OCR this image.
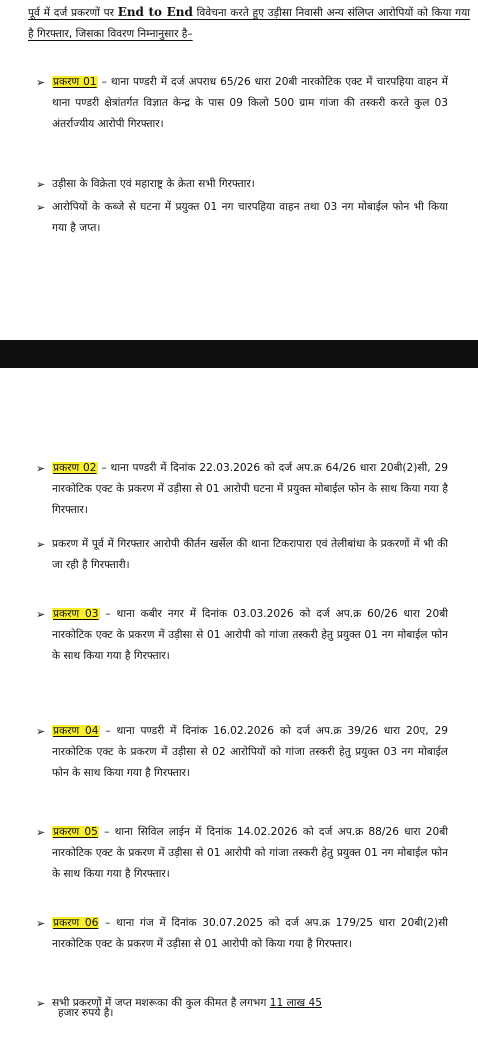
पूर्व में दर्ज प्रकरणों पर End to End विवेचना करते हुए उड़ीसा निवासी अन्य संलिप्त आरोपियों को किया गया है गिरफ्तार, जिसका विवरण निम्नानुसार है–
➢ प्रकरण 01 – थाना पण्डरी में दर्ज अपराध 65/26 धारा 20बी नारकोटिक एक्ट में चारपहिया वाहन में थाना पण्डरी क्षेत्रांतर्गत विज्ञात केन्द्र के पास 09 किलो 500 ग्राम गांजा की तस्करी करते कुल 03 अंतर्राज्यीय आरोपी गिरफ्तार।
➢ उड़ीसा के विक्रेता एवं महाराष्ट्र के क्रेता सभी गिरफ्तार।
➢ आरोपियों के कब्जे से घटना में प्रयुक्त 01 नग चारपहिया वाहन तथा 03 नग मोबाईल फोन भी किया गया है जप्त।
➢ प्रकरण 02 – थाना पण्डरी में दिनांक 22.03.2026 को दर्ज अप.क्र 64/26 धारा 20बी(2)सी, 29 नारकोटिक एक्ट के प्रकरण में उड़ीसा से 01 आरोपी घटना में प्रयुक्त मोबाईल फोन के साथ किया गया है गिरफ्तार।
➢ प्रकरण में पूर्व में गिरफ्तार आरोपी कीर्तन खर्सेल की थाना टिकरापारा एवं तेलीबांधा के प्रकरणों में भी की जा रही है गिरफ्तारी।
➢ प्रकरण 03 – थाना कबीर नगर में दिनांक 03.03.2026 को दर्ज अप.क्र 60/26 धारा 20बी नारकोटिक एक्ट के प्रकरण में उड़ीसा से 01 आरोपी को गांजा तस्करी हेतु प्रयुक्त 01 नग मोबाईल फोन के साथ किया गया है गिरफ्तार।
➢ प्रकरण 04 – थाना पण्डरी में दिनांक 16.02.2026 को दर्ज अप.क्र 39/26 धारा 20ए, 29 नारकोटिक एक्ट के प्रकरण में उड़ीसा से 02 आरोपियों को गांजा तस्करी हेतु प्रयुक्त 03 नग मोबाईल फोन के साथ किया गया है गिरफ्तार।
➢ प्रकरण 05 – थाना सिविल लाईन में दिनांक 14.02.2026 को दर्ज अप.क्र 88/26 धारा 20बी नारकोटिक एक्ट के प्रकरण में उड़ीसा से 01 आरोपी को गांजा तस्करी हेतु प्रयुक्त 01 नग मोबाईल फोन के साथ किया गया है गिरफ्तार।
➢ प्रकरण 06 – थाना गंज में दिनांक 30.07.2025 को दर्ज अप.क्र 179/25 धारा 20बी(2)सी नारकोटिक एक्ट के प्रकरण में उड़ीसा से 01 आरोपी को किया गया है गिरफ्तार।
➢ सभी प्रकरणों में जप्त मशरूका की कुल कीमत है लगभग 11 लाख 45
$^{हजार रुपये है।}$
